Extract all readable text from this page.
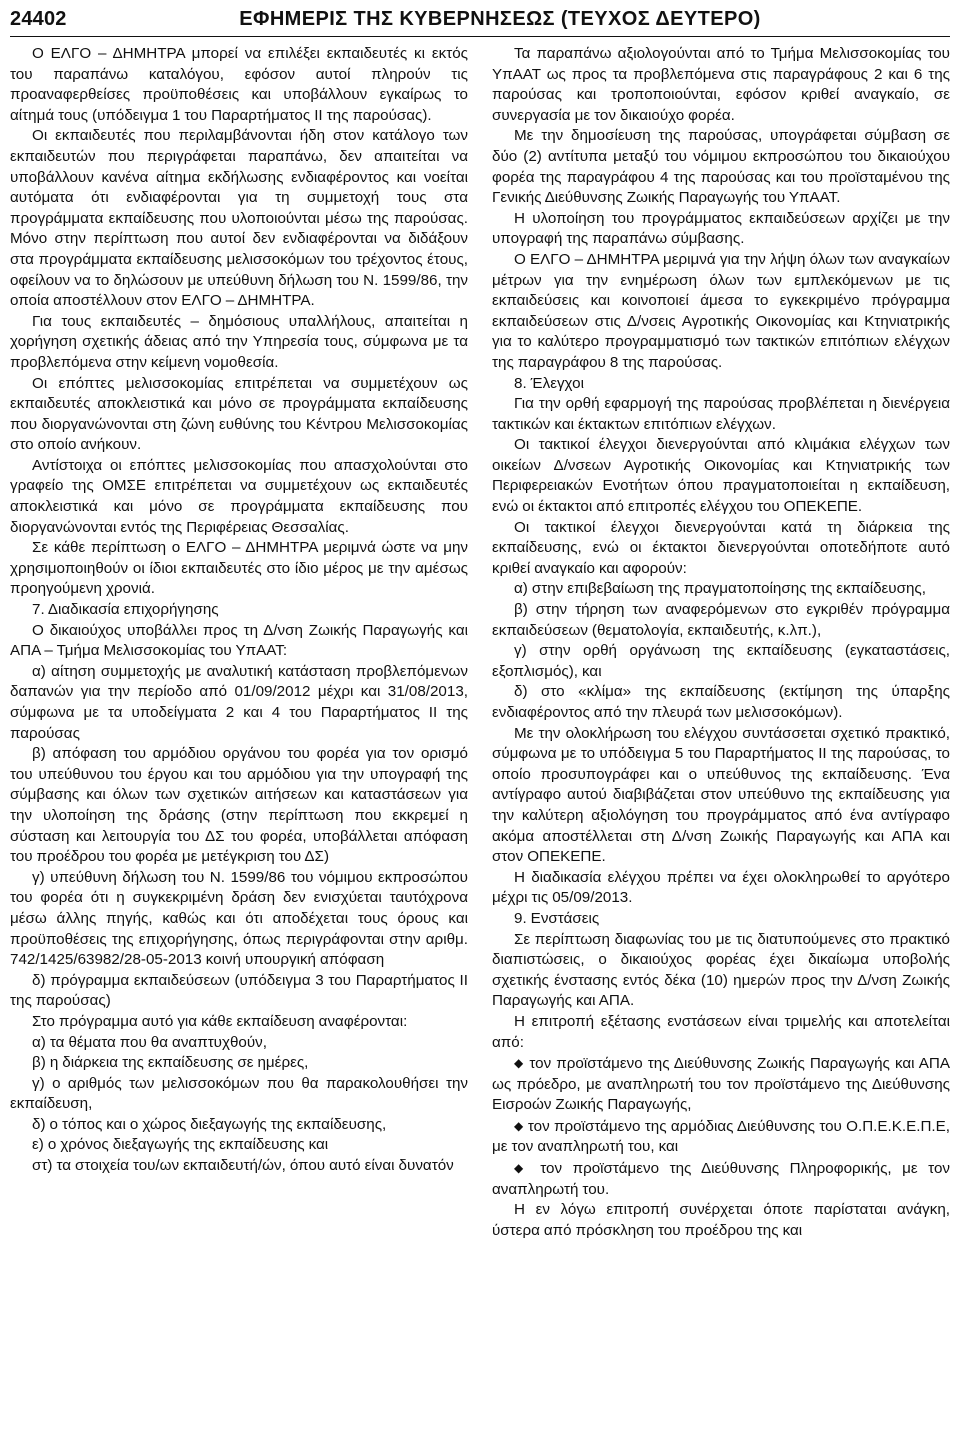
24402	ΕΦΗΜΕΡΙΣ ΤΗΣ ΚΥΒΕΡΝΗΣΕΩΣ (ΤΕΥΧΟΣ ΔΕΥΤΕΡΟ)

Ο ΕΛΓΟ – ΔΗΜΗΤΡΑ μπορεί να επιλέξει εκπαιδευτές κι εκτός του παραπάνω καταλόγου, εφόσον αυτοί πληρούν τις προαναφερθείσες προϋποθέσεις και υποβάλλουν εγκαίρως το αίτημά τους (υπόδειγμα 1 του Παραρτήματος ΙΙ της παρούσας).

Οι εκπαιδευτές που περιλαμβάνονται ήδη στον κατάλογο των εκπαιδευτών που περιγράφεται παραπάνω, δεν απαιτείται να υποβάλλουν κανένα αίτημα εκδήλωσης ενδιαφέροντος και νοείται αυτόματα ότι ενδιαφέρονται για τη συμμετοχή τους στα προγράμματα εκπαίδευσης που υλοποιούνται μέσω της παρούσας. Μόνο στην περίπτωση που αυτοί δεν ενδιαφέρονται να διδάξουν στα προγράμματα εκπαίδευσης μελισσοκόμων του τρέχοντος έτους, οφείλουν να το δηλώσουν με υπεύθυνη δήλωση του Ν. 1599/86, την οποία αποστέλλουν στον ΕΛΓΟ – ΔΗΜΗΤΡΑ.

Για τους εκπαιδευτές – δημόσιους υπαλλήλους, απαιτείται η χορήγηση σχετικής άδειας από την Υπηρεσία τους, σύμφωνα με τα προβλεπόμενα στην κείμενη νομοθεσία.

Οι επόπτες μελισσοκομίας επιτρέπεται να συμμετέχουν ως εκπαιδευτές αποκλειστικά και μόνο σε προγράμματα εκπαίδευσης που διοργανώνονται στη ζώνη ευθύνης του Κέντρου Μελισσοκομίας στο οποίο ανήκουν.

Αντίστοιχα οι επόπτες μελισσοκομίας που απασχολούνται στο γραφείο της ΟΜΣΕ επιτρέπεται να συμμετέχουν ως εκπαιδευτές αποκλειστικά και μόνο σε προγράμματα εκπαίδευσης που διοργανώνονται εντός της Περιφέρειας Θεσσαλίας.

Σε κάθε περίπτωση ο ΕΛΓΟ – ΔΗΜΗΤΡΑ μεριμνά ώστε να μην χρησιμοποιηθούν οι ίδιοι εκπαιδευτές στο ίδιο μέρος με την αμέσως προηγούμενη χρονιά.

7. Διαδικασία επιχορήγησης

Ο δικαιούχος υποβάλλει προς τη Δ/νση Ζωικής Παραγωγής και ΑΠΑ – Τμήμα Μελισσοκομίας του ΥπΑΑΤ:

α) αίτηση συμμετοχής με αναλυτική κατάσταση προβλεπόμενων δαπανών για την περίοδο από 01/09/2012 μέχρι και 31/08/2013, σύμφωνα με τα υποδείγματα 2 και 4 του Παραρτήματος ΙΙ της παρούσας

β) απόφαση του αρμόδιου οργάνου του φορέα για τον ορισμό του υπεύθυνου του έργου και του αρμόδιου για την υπογραφή της σύμβασης και όλων των σχετικών αιτήσεων και καταστάσεων για την υλοποίηση της δράσης (στην περίπτωση που εκκρεμεί η σύσταση και λειτουργία του ΔΣ του φορέα, υποβάλλεται απόφαση του προέδρου του φορέα με μετέγκριση του ΔΣ)

γ) υπεύθυνη δήλωση του Ν. 1599/86 του νόμιμου εκπροσώπου του φορέα ότι η συγκεκριμένη δράση δεν ενισχύεται ταυτόχρονα μέσω άλλης πηγής, καθώς και ότι αποδέχεται τους όρους και προϋποθέσεις της επιχορήγησης, όπως περιγράφονται στην αριθμ. 742/1425/63982/28-05-2013 κοινή υπουργική απόφαση

δ) πρόγραμμα εκπαιδεύσεων (υπόδειγμα 3 του Παραρτήματος ΙΙ της παρούσας)

Στο πρόγραμμα αυτό για κάθε εκπαίδευση αναφέρονται:

α) τα θέματα που θα αναπτυχθούν,

β) η διάρκεια της εκπαίδευσης σε ημέρες,

γ) ο αριθμός των μελισσοκόμων που θα παρακολουθήσει την εκπαίδευση,

δ) ο τόπος και ο χώρος διεξαγωγής της εκπαίδευσης,

ε) ο χρόνος διεξαγωγής της εκπαίδευσης και

στ) τα στοιχεία του/ων εκπαιδευτή/ών, όπου αυτό είναι δυνατόν

Τα παραπάνω αξιολογούνται από το Τμήμα Μελισσοκομίας του ΥπΑΑΤ ως προς τα προβλεπόμενα στις παραγράφους 2 και 6 της παρούσας και τροποποιούνται, εφόσον κριθεί αναγκαίο, σε συνεργασία με τον δικαιούχο φορέα.

Με την δημοσίευση της παρούσας, υπογράφεται σύμβαση σε δύο (2) αντίτυπα μεταξύ του νόμιμου εκπροσώπου του δικαιούχου φορέα της παραγράφου 4 της παρούσας και του προϊσταμένου της Γενικής Διεύθυνσης Ζωικής Παραγωγής του ΥπΑΑΤ.

Η υλοποίηση του προγράμματος εκπαιδεύσεων αρχίζει με την υπογραφή της παραπάνω σύμβασης.

Ο ΕΛΓΟ – ΔΗΜΗΤΡΑ μεριμνά για την λήψη όλων των αναγκαίων μέτρων για την ενημέρωση όλων των εμπλεκόμενων με τις εκπαιδεύσεις και κοινοποιεί άμεσα το εγκεκριμένο πρόγραμμα εκπαιδεύσεων στις Δ/νσεις Αγροτικής Οικονομίας και Κτηνιατρικής για το καλύτερο προγραμματισμό των τακτικών επιτόπιων ελέγχων της παραγράφου 8 της παρούσας.

8. Έλεγχοι

Για την ορθή εφαρμογή της παρούσας προβλέπεται η διενέργεια τακτικών και έκτακτων επιτόπιων ελέγχων.

Οι τακτικοί έλεγχοι διενεργούνται από κλιμάκια ελέγχων των οικείων Δ/νσεων Αγροτικής Οικονομίας και Κτηνιατρικής των Περιφερειακών Ενοτήτων όπου πραγματοποιείται η εκπαίδευση, ενώ οι έκτακτοι από επιτροπές ελέγχου του ΟΠΕΚΕΠΕ.

Οι τακτικοί έλεγχοι διενεργούνται κατά τη διάρκεια της εκπαίδευσης, ενώ οι έκτακτοι διενεργούνται οποτεδήποτε αυτό κριθεί αναγκαίο και αφορούν:

α) στην επιβεβαίωση της πραγματοποίησης της εκπαίδευσης,

β) στην τήρηση των αναφερόμενων στο εγκριθέν πρόγραμμα εκπαιδεύσεων (θεματολογία, εκπαιδευτής, κ.λπ.),

γ) στην ορθή οργάνωση της εκπαίδευσης (εγκαταστάσεις, εξοπλισμός), και

δ) στο «κλίμα» της εκπαίδευσης (εκτίμηση της ύπαρξης ενδιαφέροντος από την πλευρά των μελισσοκόμων).

Με την ολοκλήρωση του ελέγχου συντάσσεται σχετικό πρακτικό, σύμφωνα με το υπόδειγμα 5 του Παραρτήματος ΙΙ της παρούσας, το οποίο προσυπογράφει και ο υπεύθυνος της εκπαίδευσης. Ένα αντίγραφο αυτού διαβιβάζεται στον υπεύθυνο της εκπαίδευσης για την καλύτερη αξιολόγηση του προγράμματος από ένα αντίγραφο ακόμα αποστέλλεται στη Δ/νση Ζωικής Παραγωγής και ΑΠΑ και στον ΟΠΕΚΕΠΕ.

Η διαδικασία ελέγχου πρέπει να έχει ολοκληρωθεί το αργότερο μέχρι τις 05/09/2013.

9. Ενστάσεις

Σε περίπτωση διαφωνίας του με τις διατυπούμενες στο πρακτικό διαπιστώσεις, ο δικαιούχος φορέας έχει δικαίωμα υποβολής σχετικής ένστασης εντός δέκα (10) ημερών προς την Δ/νση Ζωικής Παραγωγής και ΑΠΑ.

Η επιτροπή εξέτασης ενστάσεων είναι τριμελής και αποτελείται από:

◆ τον προϊστάμενο της Διεύθυνσης Ζωικής Παραγωγής και ΑΠΑ ως πρόεδρο, με αναπληρωτή του τον προϊστάμενο της Διεύθυνσης Εισροών Ζωικής Παραγωγής,

◆ τον προϊστάμενο της αρμόδιας Διεύθυνσης του Ο.Π.Ε.Κ.Ε.Π.Ε, με τον αναπληρωτή του, και

◆ τον προϊστάμενο της Διεύθυνσης Πληροφορικής, με τον αναπληρωτή του.

Η εν λόγω επιτροπή συνέρχεται όποτε παρίσταται ανάγκη, ύστερα από πρόσκληση του προέδρου της και
